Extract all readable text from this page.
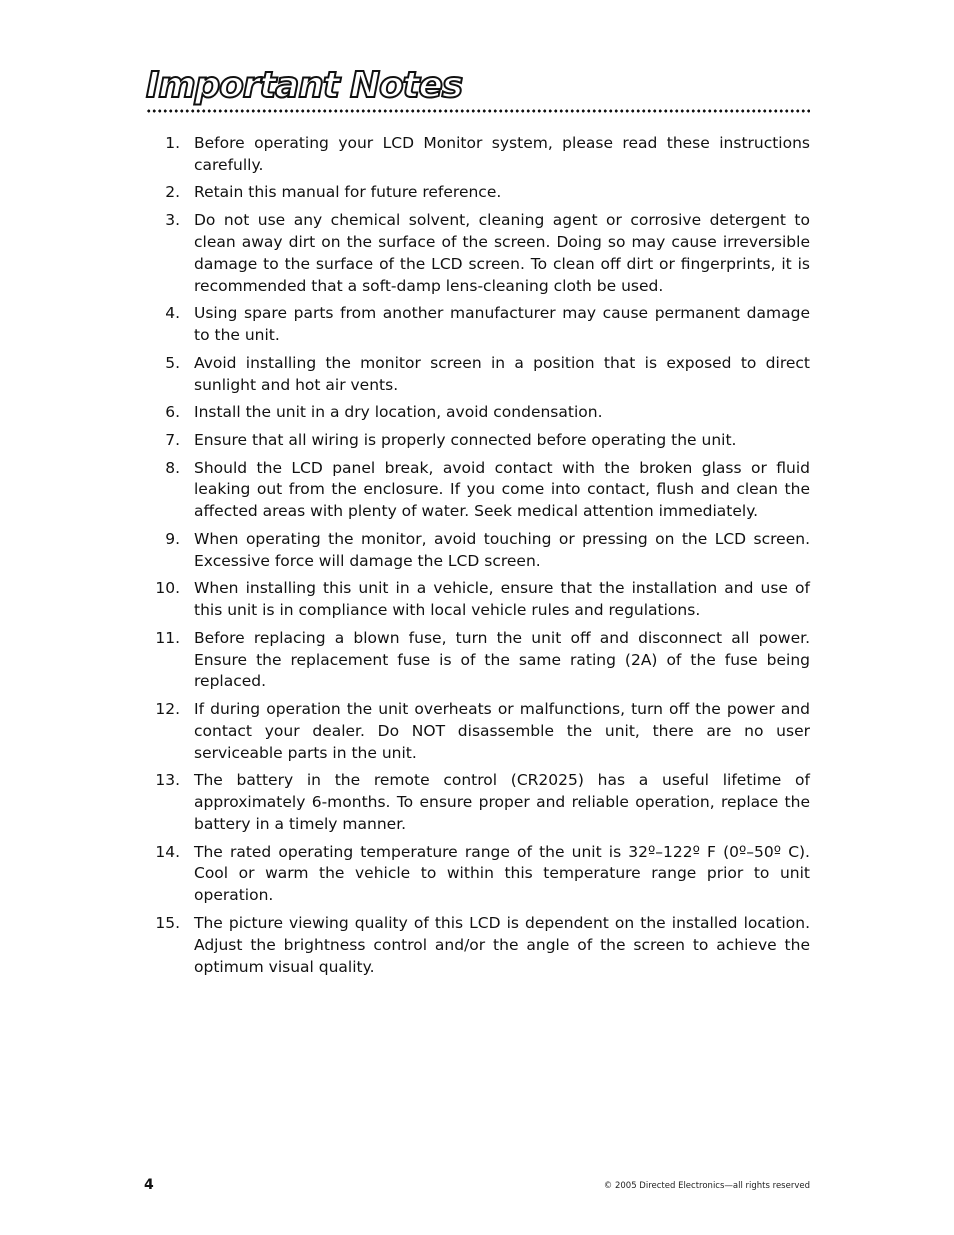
Important Notes
1. Before operating your LCD Monitor system, please read these instructions carefully.
2. Retain this manual for future reference.
3. Do not use any chemical solvent, cleaning agent or corrosive detergent to clean away dirt on the surface of the screen. Doing so may cause irreversible damage to the surface of the LCD screen. To clean off dirt or fingerprints, it is recommended that a soft-damp lens-cleaning cloth be used.
4. Using spare parts from another manufacturer may cause permanent damage to the unit.
5. Avoid installing the monitor screen in a position that is exposed to direct sunlight and hot air vents.
6. Install the unit in a dry location, avoid condensation.
7. Ensure that all wiring is properly connected before operating the unit.
8. Should the LCD panel break, avoid contact with the broken glass or fluid leaking out from the enclosure. If you come into contact, flush and clean the affected areas with plenty of water. Seek medical attention immediately.
9. When operating the monitor, avoid touching or pressing on the LCD screen. Excessive force will damage the LCD screen.
10. When installing this unit in a vehicle, ensure that the installation and use of this unit is in compliance with local vehicle rules and regulations.
11. Before replacing a blown fuse, turn the unit off and disconnect all power. Ensure the replacement fuse is of the same rating (2A) of the fuse being replaced.
12. If during operation the unit overheats or malfunctions, turn off the power and contact your dealer. Do NOT disassemble the unit, there are no user serviceable parts in the unit.
13. The battery in the remote control (CR2025) has a useful lifetime of approximately 6-months. To ensure proper and reliable operation, replace the battery in a timely manner.
14. The rated operating temperature range of the unit is 32º–122º F (0º–50º C). Cool or warm the vehicle to within this temperature range prior to unit operation.
15. The picture viewing quality of this LCD is dependent on the installed location. Adjust the brightness control and/or the angle of the screen to achieve the optimum visual quality.
4	© 2005 Directed Electronics—all rights reserved
